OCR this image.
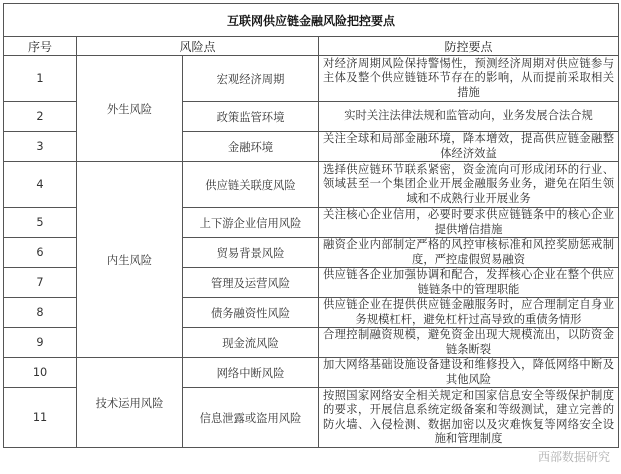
互联网供应链金融风险把控要点			
序号	风险点		防控要点
1	外生风险	宏观经济周期	对经济周期风险保持警惕性，预测经济周期对供应链参与主体及整个供应链链环节存在的影响，从而提前采取相关措施
2		政策监管环境	实时关注法律法规和监管动向，业务发展合法合规
3		金融环境	关注全球和局部金融环境，降本增效，提高供应链金融整体经济效益
4	内生风险	供应链关联度风险	选择供应链环节联系紧密，资金流向可形成闭环的行业、领域甚至一个集团企业开展金融服务业务，避免在陌生领域和不成熟行业开展业务
5		上下游企业信用风险	关注核心企业信用，必要时要求供应链链条中的核心企业提供增信措施
6		贸易背景风险	融资企业内部制定严格的风控审核标准和风控奖励惩戒制度，严控虚假贸易融资
7		管理及运营风险	供应链各企业加强协调和配合，发挥核心企业在整个供应链链条中的管理职能
8		债务融资性风险	供应链企业在提供供应链金融服务时，应合理制定自身业务规模杠杆，避免杠杆过高导致的重债务情形
9		现金流风险	合理控制融资规模，避免资金出现大规模流出，以防资金链条断裂
10	技术运用风险	网络中断风险	加大网络基础设施设备建设和维修投入，降低网络中断及其他风险
11		信息泄露或盗用风险	按照国家网络安全相关规定和国家信息安全等级保护制度的要求，开展信息系统定级备案和等级测试，建立完善的防火墙、入侵检测、数据加密以及灾难恢复等网络安全设施和管理制度
西部数据研究
